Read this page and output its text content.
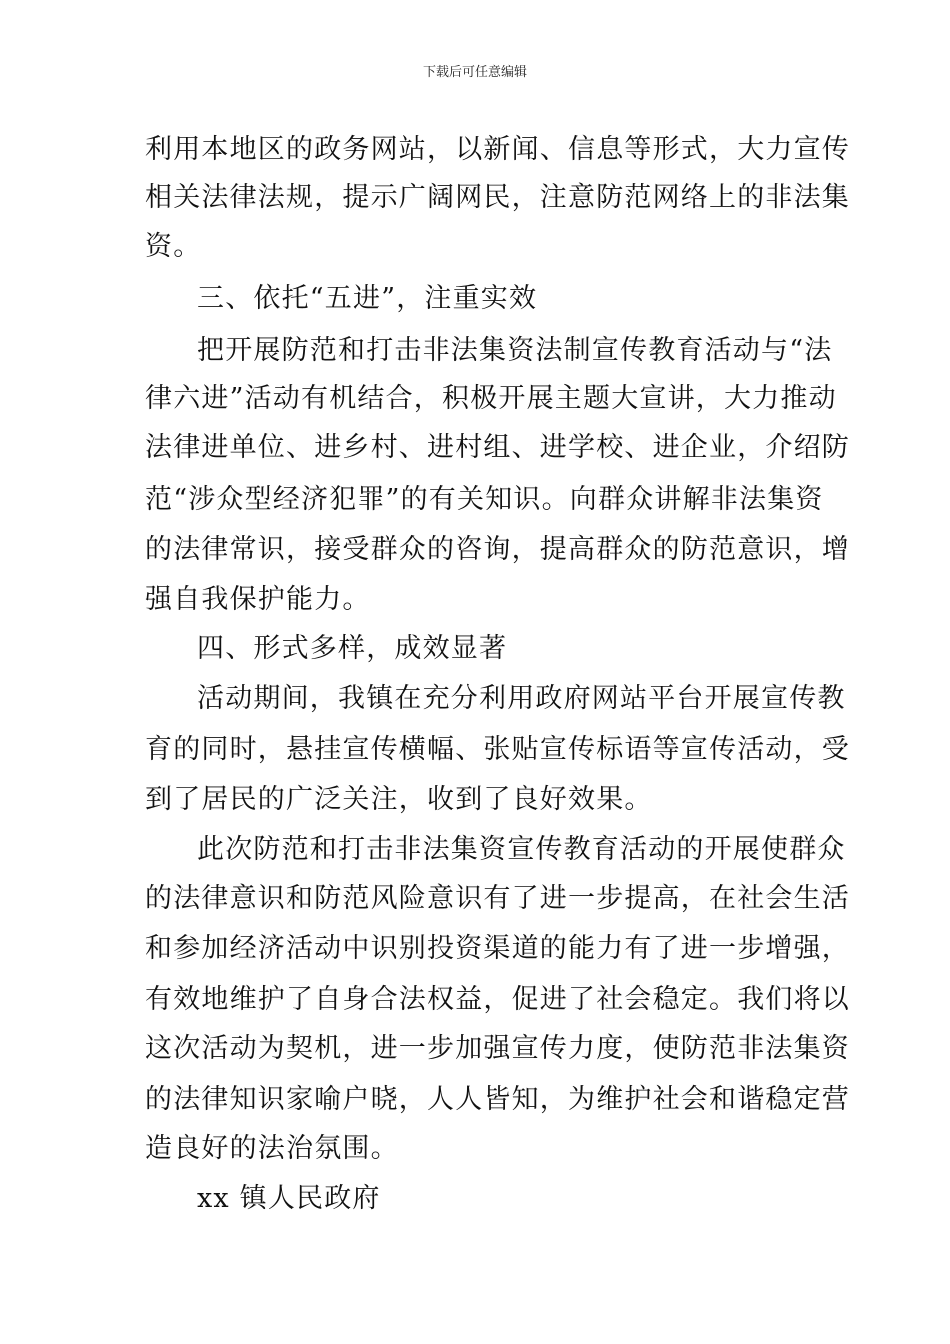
下载后可任意编辑
利用本地区的政务网站，以新闻、信息等形式，大力宣传
相关法律法规，提示广阔网民，注意防范网络上的非法集
资。
三、依托“五进”，注重实效
把开展防范和打击非法集资法制宣传教育活动与“法
律六进”活动有机结合，积极开展主题大宣讲，大力推动
法律进单位、进乡村、进村组、进学校、进企业，介绍防
范“涉众型经济犯罪”的有关知识。向群众讲解非法集资
的法律常识，接受群众的咨询，提高群众的防范意识，增
强自我保护能力。
四、形式多样，成效显著
活动期间，我镇在充分利用政府网站平台开展宣传教
育的同时，悬挂宣传横幅、张贴宣传标语等宣传活动，受
到了居民的广泛关注，收到了良好效果。
此次防范和打击非法集资宣传教育活动的开展使群众
的法律意识和防范风险意识有了进一步提高，在社会生活
和参加经济活动中识别投资渠道的能力有了进一步增强，
有效地维护了自身合法权益，促进了社会稳定。我们将以
这次活动为契机，进一步加强宣传力度，使防范非法集资
的法律知识家喻户晓，人人皆知，为维护社会和谐稳定营
造良好的法治氛围。
xx 镇人民政府
